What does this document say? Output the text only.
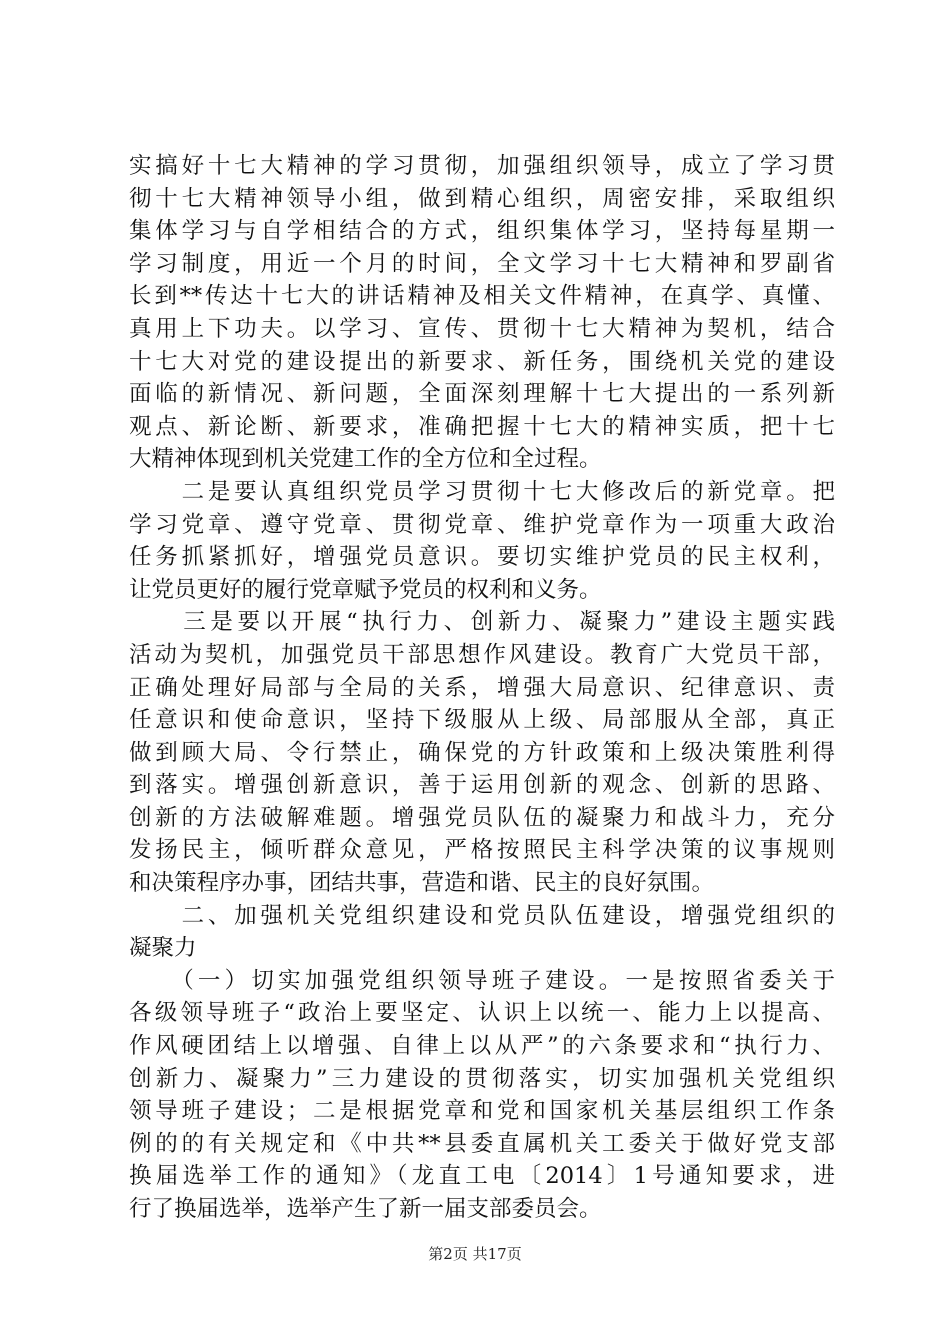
实搞好十七大精神的学习贯彻，加强组织领导，成立了学习贯
彻十七大精神领导小组，做到精心组织，周密安排，采取组织
集体学习与自学相结合的方式，组织集体学习，坚持每星期一
学习制度，用近一个月的时间，全文学习十七大精神和罗副省
长到**传达十七大的讲话精神及相关文件精神，在真学、真懂、
真用上下功夫。以学习、宣传、贯彻十七大精神为契机，结合
十七大对党的建设提出的新要求、新任务，围绕机关党的建设
面临的新情况、新问题，全面深刻理解十七大提出的一系列新
观点、新论断、新要求，准确把握十七大的精神实质，把十七
大精神体现到机关党建工作的全方位和全过程。
　　二是要认真组织党员学习贯彻十七大修改后的新党章。把
学习党章、遵守党章、贯彻党章、维护党章作为一项重大政治
任务抓紧抓好，增强党员意识。要切实维护党员的民主权利，
让党员更好的履行党章赋予党员的权利和义务。
　　三是要以开展“执行力、创新力、凝聚力”建设主题实践
活动为契机，加强党员干部思想作风建设。教育广大党员干部，
正确处理好局部与全局的关系，增强大局意识、纪律意识、责
任意识和使命意识，坚持下级服从上级、局部服从全部，真正
做到顾大局、令行禁止，确保党的方针政策和上级决策胜利得
到落实。增强创新意识，善于运用创新的观念、创新的思路、
创新的方法破解难题。增强党员队伍的凝聚力和战斗力，充分
发扬民主，倾听群众意见，严格按照民主科学决策的议事规则
和决策程序办事，团结共事，营造和谐、民主的良好氛围。
　　二、加强机关党组织建设和党员队伍建设，增强党组织的
凝聚力
　　（一）切实加强党组织领导班子建设。一是按照省委关于
各级领导班子“政治上要坚定、认识上以统一、能力上以提高、
作风硬团结上以增强、自律上以从严”的六条要求和“执行力、
创新力、凝聚力”三力建设的贯彻落实，切实加强机关党组织
领导班子建设；二是根据党章和党和国家机关基层组织工作条
例的的有关规定和《中共**县委直属机关工委关于做好党支部
换届选举工作的通知》（龙直工电〔2014〕1号通知要求，进
行了换届选举，选举产生了新一届支部委员会。
第2页 共17页
